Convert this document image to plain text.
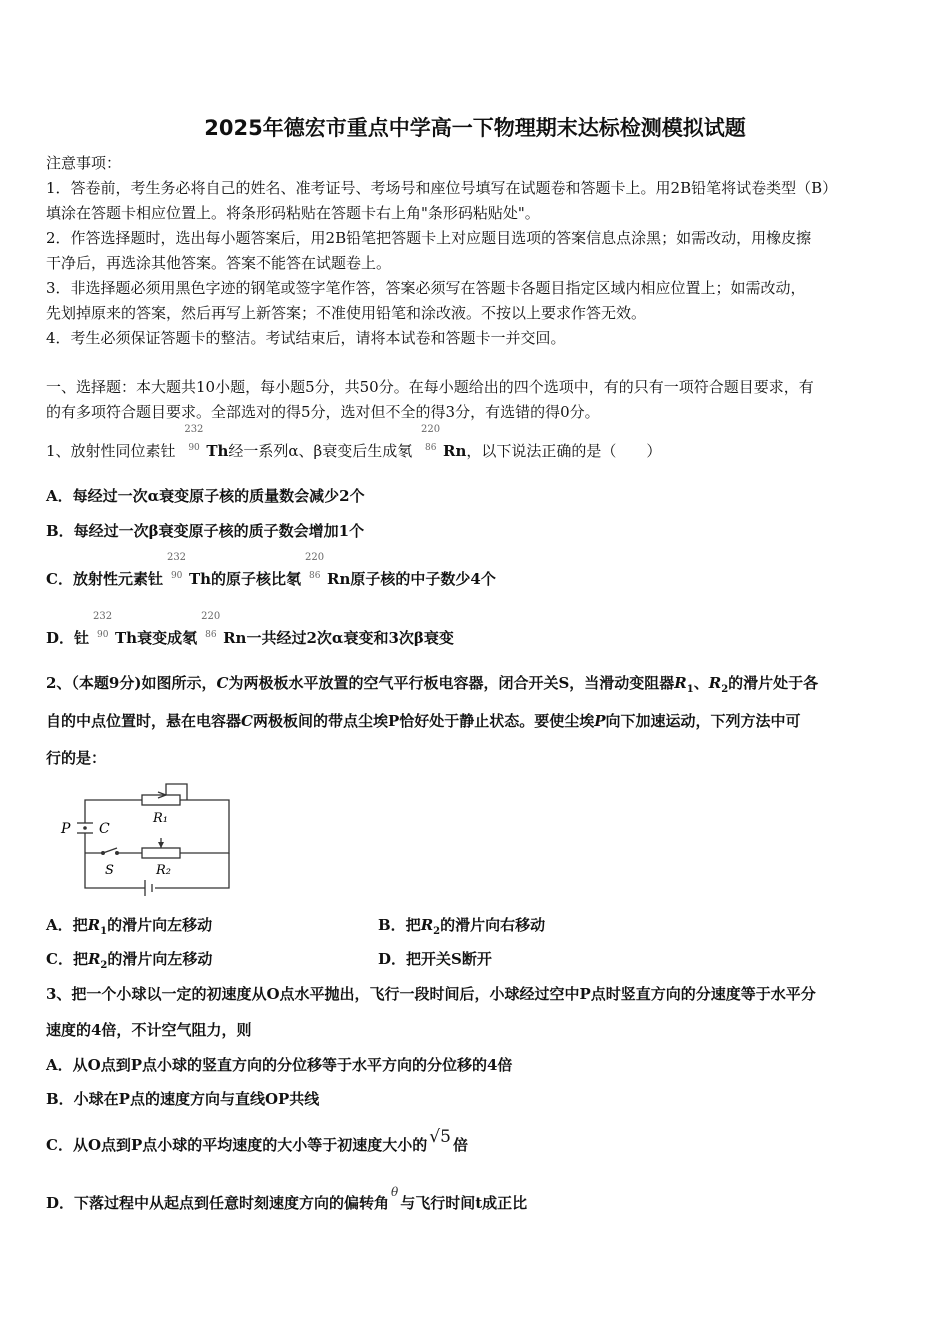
2025年德宏市重点中学高一下物理期末达标检测模拟试题
注意事项：
1．答卷前，考生务必将自己的姓名、准考证号、考场号和座位号填写在试题卷和答题卡上。用2B铅笔将试卷类型（B）
填涂在答题卡相应位置上。将条形码粘贴在答题卡右上角"条形码粘贴处"。
2．作答选择题时，选出每小题答案后，用2B铅笔把答题卡上对应题目选项的答案信息点涂黑；如需改动，用橡皮擦
干净后，再选涂其他答案。答案不能答在试题卷上。
3．非选择题必须用黑色字迹的钢笔或签字笔作答，答案必须写在答题卡各题目指定区域内相应位置上；如需改动，
先划掉原来的答案，然后再写上新答案；不准使用铅笔和涂改液。不按以上要求作答无效。
4．考生必须保证答题卡的整洁。考试结束后，请将本试卷和答题卡一并交回。
一、选择题：本大题共10小题，每小题5分，共50分。在每小题给出的四个选项中，有的只有一项符合题目要求，有
的有多项符合题目要求。全部选对的得5分，选对但不全的得3分，有选错的得0分。
1、放射性同位素钍
232
90 Th经一系列α、β衰变后生成氡
220
86 Rn，以下说法正确的是（　　）
A．每经过一次α衰变原子核的质量数会减少2个
B．每经过一次β衰变原子核的质子数会增加1个
C．放射性元素钍
232
90 Th的原子核比氡
220
86 Rn原子核的中子数少4个
D．钍
232
90 Th衰变成氡
220
86 Rn一共经过2次α衰变和3次β衰变
2、（本题9分)如图所示，C为两极板水平放置的空气平行板电容器，闭合开关S，当滑动变阻器$R_1$、$R_2$的滑片处于各
自的中点位置时，悬在电容器C两极板间的带点尘埃P恰好处于静止状态。要使尘埃P向下加速运动，下列方法中可
行的是：
P C
R₁
S	R₂
A．把$R_1$的滑片向左移动	B．把$R_2$的滑片向右移动
C．把$R_2$的滑片向左移动	D．把开关S断开
3、把一个小球以一定的初速度从O点水平抛出，飞行一段时间后，小球经过空中P点时竖直方向的分速度等于水平分
速度的4倍，不计空气阻力，则
A．从O点到P点小球的竖直方向的分位移等于水平方向的分位移的4倍
B．小球在P点的速度方向与直线OP共线
C．从O点到P点小球的平均速度的大小等于初速度大小的 √5 倍
D．下落过程中从起点到任意时刻速度方向的偏转角$^\theta$与飞行时间t成正比
